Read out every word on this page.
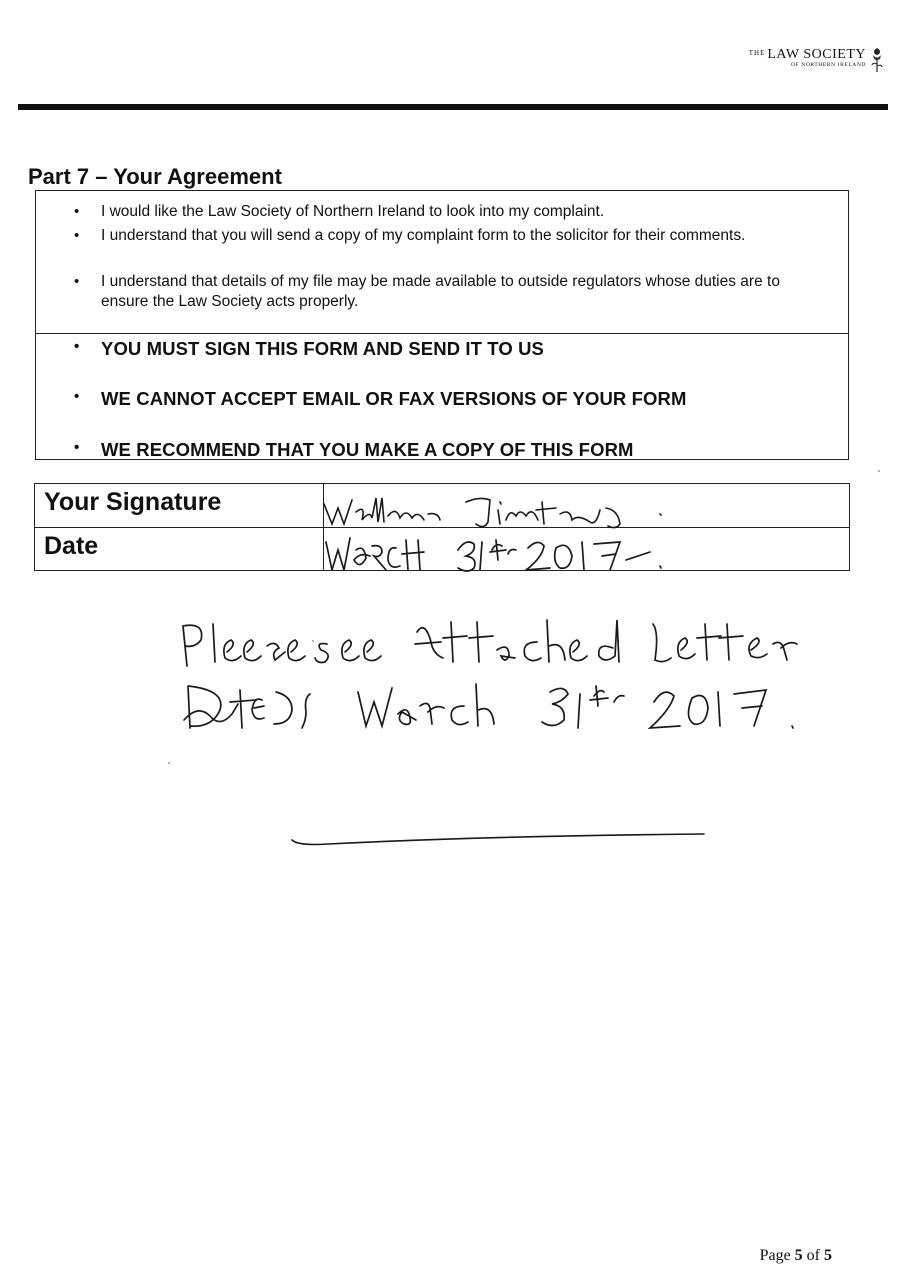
THE LAW SOCIETY
OF NORTHERN IRELAND
Part 7 – Your Agreement
• I would like the Law Society of Northern Ireland to look into my complaint.
• I understand that you will send a copy of my complaint form to the solicitor for their comments.
• I understand that details of my file may be made available to outside regulators whose duties are to ensure the Law Society acts properly.
• YOU MUST SIGN THIS FORM AND SEND IT TO US
• WE CANNOT ACCEPT EMAIL OR FAX VERSIONS OF YOUR FORM
• WE RECOMMEND THAT YOU MAKE A COPY OF THIS FORM
Your Signature
Date
Page 5 of 5
